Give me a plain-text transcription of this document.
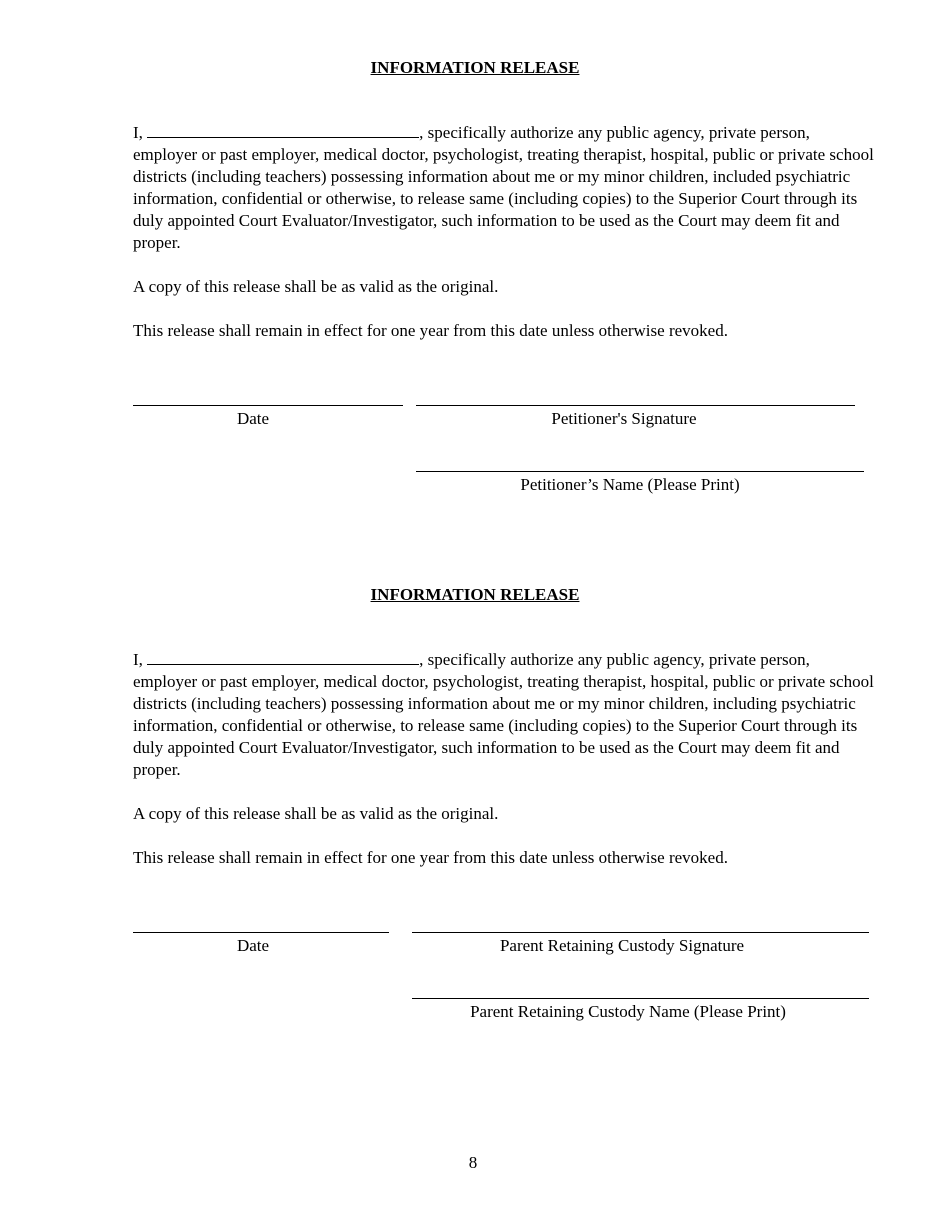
INFORMATION RELEASE

I,	, specifically authorize any public agency, private person, employer or past employer, medical doctor, psychologist, treating therapist, hospital, public or private school districts (including teachers) possessing information about me or my minor children, included psychiatric information, confidential or otherwise, to release same (including copies) to the Superior Court through its duly appointed Court Evaluator/Investigator, such information to be used as the Court may deem fit and proper.

A copy of this release shall be as valid as the original.

This release shall remain in effect for one year from this date unless otherwise revoked.

Date	Petitioner's Signature
Petitioner’s Name (Please Print)
INFORMATION RELEASE

I,	, specifically authorize any public agency, private person, employer or past employer, medical doctor, psychologist, treating therapist, hospital, public or private school districts (including teachers) possessing information about me or my minor children, including psychiatric information, confidential or otherwise, to release same (including copies) to the Superior Court through its duly appointed Court Evaluator/Investigator, such information to be used as the Court may deem fit and proper.

A copy of this release shall be as valid as the original.

This release shall remain in effect for one year from this date unless otherwise revoked.

Date	Parent Retaining Custody Signature
Parent Retaining Custody Name (Please Print)
8
